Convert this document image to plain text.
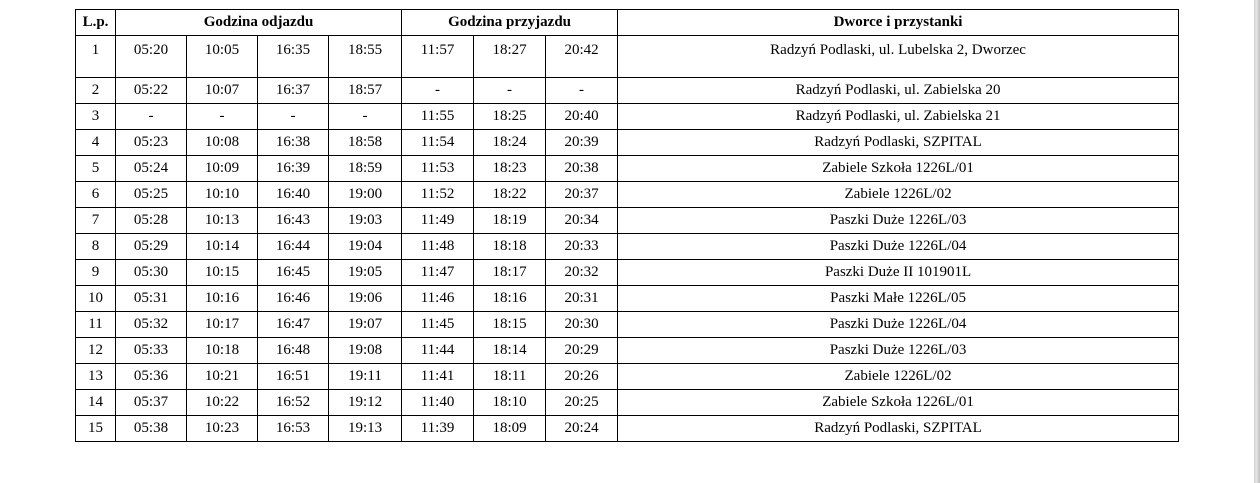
L.p.	Godzina odjazdu				Godzina przyjazdu			Dworce i przystanki
1	05:20	10:05	16:35	18:55	11:57	18:27	20:42	Radzyń Podlaski, ul. Lubelska 2, Dworzec
2	05:22	10:07	16:37	18:57	-	-	-	Radzyń Podlaski, ul. Zabielska 20
3	-	-	-	-	11:55	18:25	20:40	Radzyń Podlaski, ul. Zabielska 21
4	05:23	10:08	16:38	18:58	11:54	18:24	20:39	Radzyń Podlaski, SZPITAL
5	05:24	10:09	16:39	18:59	11:53	18:23	20:38	Zabiele Szkoła 1226L/01
6	05:25	10:10	16:40	19:00	11:52	18:22	20:37	Zabiele 1226L/02
7	05:28	10:13	16:43	19:03	11:49	18:19	20:34	Paszki Duże 1226L/03
8	05:29	10:14	16:44	19:04	11:48	18:18	20:33	Paszki Duże 1226L/04
9	05:30	10:15	16:45	19:05	11:47	18:17	20:32	Paszki Duże II 101901L
10	05:31	10:16	16:46	19:06	11:46	18:16	20:31	Paszki Małe 1226L/05
11	05:32	10:17	16:47	19:07	11:45	18:15	20:30	Paszki Duże 1226L/04
12	05:33	10:18	16:48	19:08	11:44	18:14	20:29	Paszki Duże 1226L/03
13	05:36	10:21	16:51	19:11	11:41	18:11	20:26	Zabiele 1226L/02
14	05:37	10:22	16:52	19:12	11:40	18:10	20:25	Zabiele Szkoła 1226L/01
15	05:38	10:23	16:53	19:13	11:39	18:09	20:24	Radzyń Podlaski, SZPITAL
